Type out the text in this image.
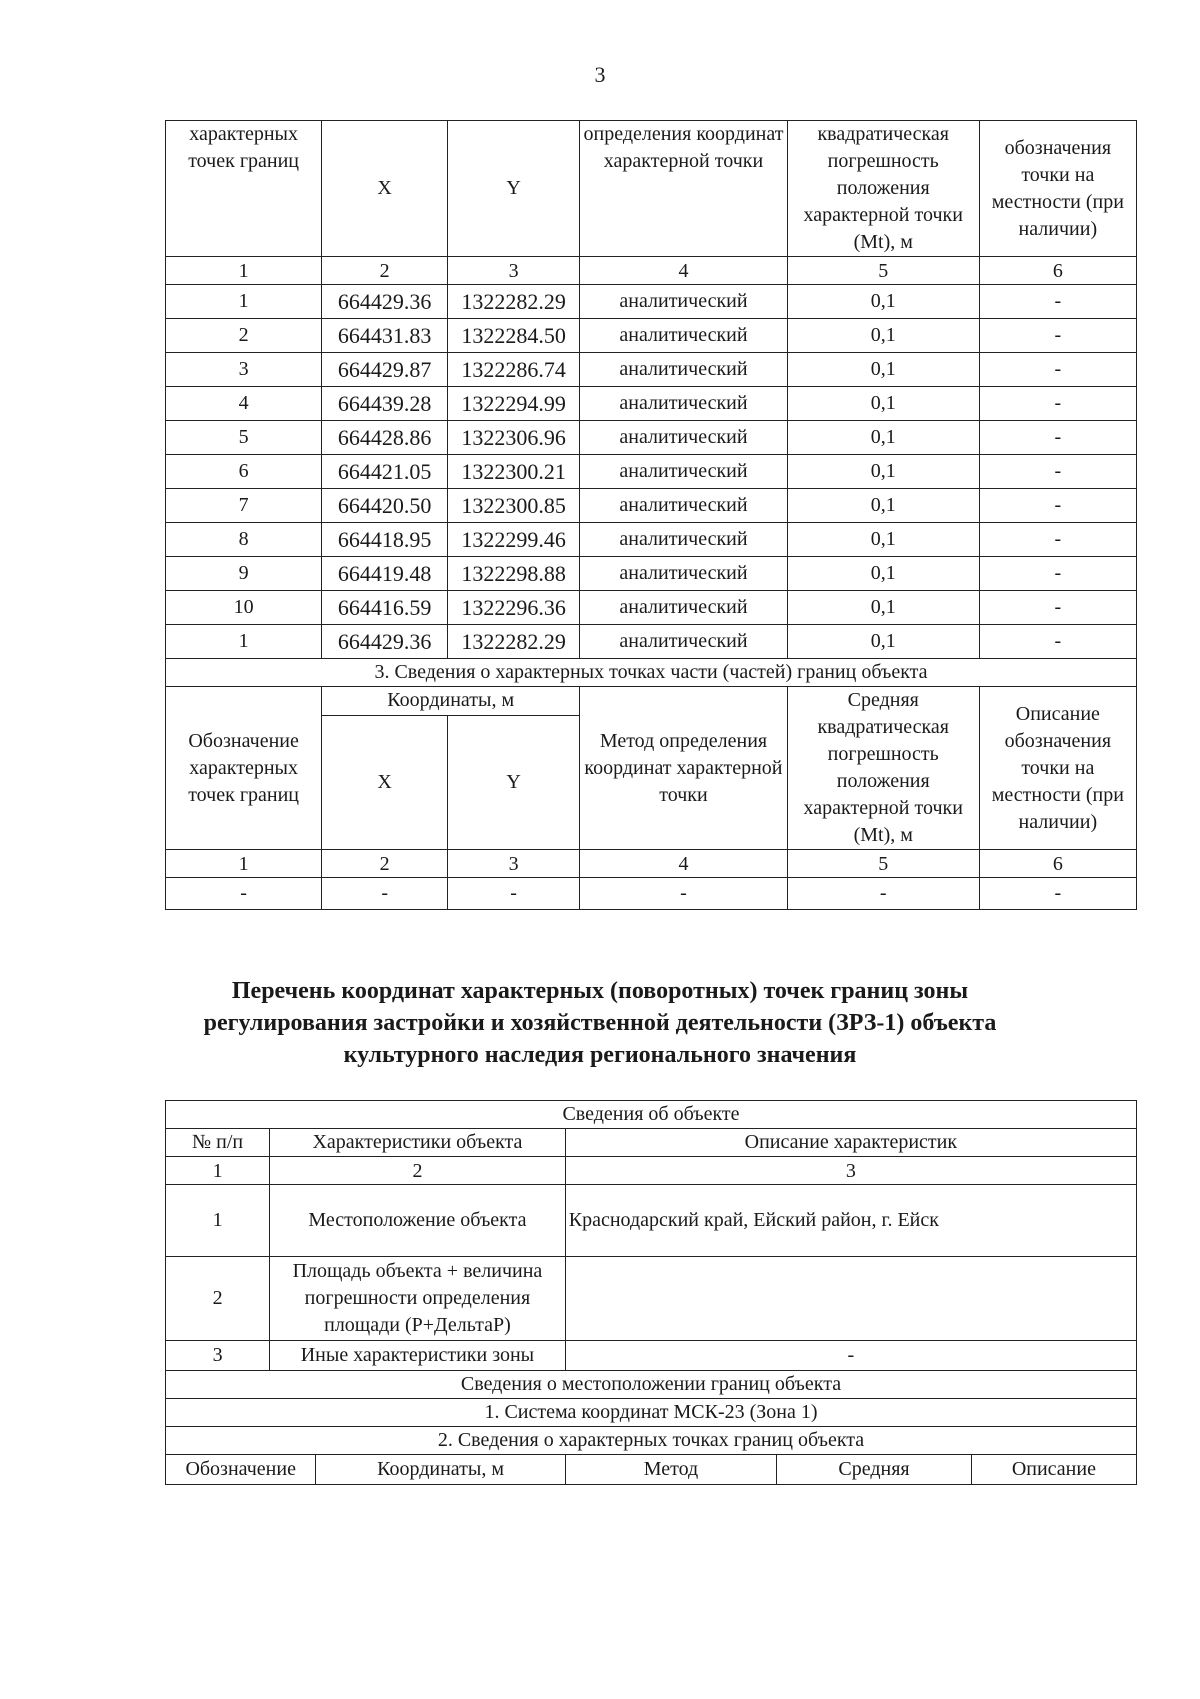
3
характерных точек границ	X	Y	определения координат характерной точки	квадратическая погрешность положения характерной точки (Mt), м	обозначения точки на местности (при наличии)
1	2	3	4	5	6
1	664429.36	1322282.29	аналитический	0,1	-
2	664431.83	1322284.50	аналитический	0,1	-
3	664429.87	1322286.74	аналитический	0,1	-
4	664439.28	1322294.99	аналитический	0,1	-
5	664428.86	1322306.96	аналитический	0,1	-
6	664421.05	1322300.21	аналитический	0,1	-
7	664420.50	1322300.85	аналитический	0,1	-
8	664418.95	1322299.46	аналитический	0,1	-
9	664419.48	1322298.88	аналитический	0,1	-
10	664416.59	1322296.36	аналитический	0,1	-
1	664429.36	1322282.29	аналитический	0,1	-
3. Сведения о характерных точках части (частей) границ объекта					
Обозначение характерных точек границ	Координаты, м		Метод определения координат характерной точки	Средняя квадратическая погрешность положения характерной точки (Mt), м	Описание обозначения точки на местности (при наличии)
	X	Y			
1	2	3	4	5	6
-	-	-	-	-	-
Перечень координат характерных (поворотных) точек границ зоны регулирования застройки и хозяйственной деятельности (ЗРЗ-1) объекта культурного наследия регионального значения
Сведения об объекте					
№ п/п	Характеристики объекта		Описание характеристик		
1	2		3		
1	Местоположение объекта		Краснодарский край, Ейский район, г. Ейск		
2	Площадь объекта + величина погрешности определения площади (P+ДельтаP)				
3	Иные характеристики зоны		-		
Сведения о местоположении границ объекта					
1. Система координат МСК-23 (Зона 1)					
2. Сведения о характерных точках границ объекта					
Обозначение		Координаты, м	Метод	Средняя	Описание
